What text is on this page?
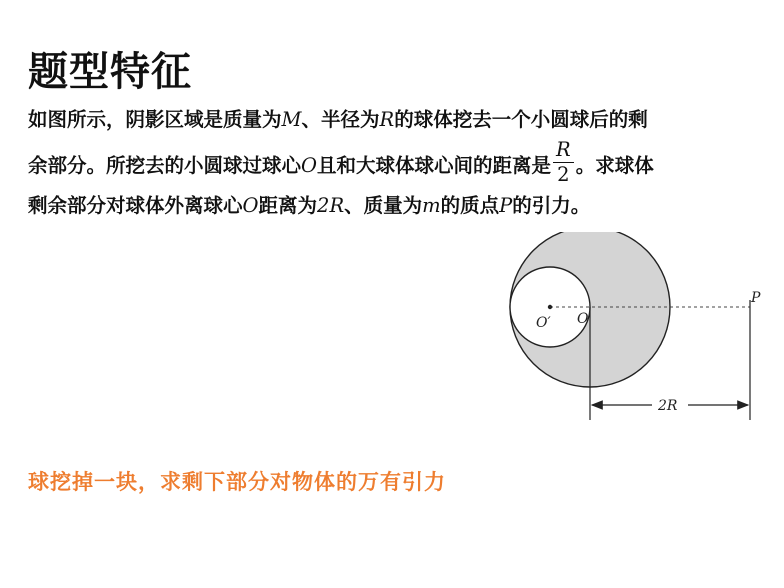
题型特征
如图所示，阴影区域是质量为M、半径为R的球体挖去一个小圆球后的剩
余部分。所挖去的小圆球过球心O且和大球体球心间的距离是 $\frac{R}{2}$ 。求球体
剩余部分对球体外离球心O距离为2R、质量为m的质点P的引力。
O′ O
P
2R
球挖掉一块，求剩下部分对物体的万有引力
